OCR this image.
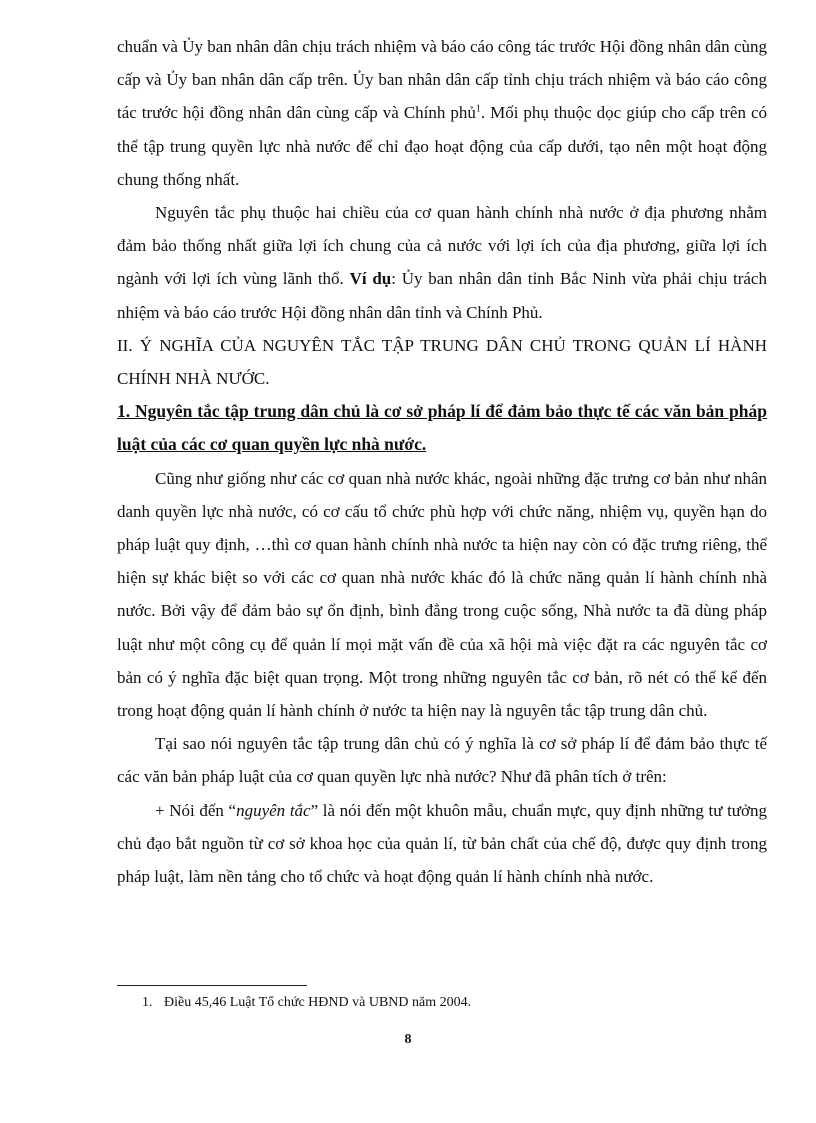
chuẩn và Ủy ban nhân dân chịu trách nhiệm và báo cáo công tác trước Hội đồng nhân dân cùng cấp và Ủy ban nhân dân cấp trên. Ủy ban nhân dân cấp tỉnh chịu trách nhiệm và báo cáo công tác trước hội đồng nhân dân cùng cấp và Chính phủ$^1$. Mối phụ thuộc dọc giúp cho cấp trên có thể tập trung quyền lực nhà nước để chỉ đạo hoạt động của cấp dưới, tạo nên một hoạt động chung thống nhất.

Nguyên tắc phụ thuộc hai chiều của cơ quan hành chính nhà nước ở địa phương nhằm đảm bảo thống nhất giữa lợi ích chung của cả nước với lợi ích của địa phương, giữa lợi ích ngành với lợi ích vùng lãnh thổ. Ví dụ: Ủy ban nhân dân tỉnh Bắc Ninh vừa phải chịu trách nhiệm và báo cáo trước Hội đồng nhân dân tỉnh và Chính Phủ.

II. Ý NGHĨA CỦA NGUYÊN TẮC TẬP TRUNG DÂN CHỦ TRONG QUẢN LÍ HÀNH CHÍNH NHÀ NƯỚC.

1. Nguyên tắc tập trung dân chủ là cơ sở pháp lí để đảm bảo thực tế các văn bản pháp luật của các cơ quan quyền lực nhà nước.

Cũng như giống như các cơ quan nhà nước khác, ngoài những đặc trưng cơ bản như nhân danh quyền lực nhà nước, có cơ cấu tổ chức phù hợp với chức năng, nhiệm vụ, quyền hạn do pháp luật quy định, …thì cơ quan hành chính nhà nước ta hiện nay còn có đặc trưng riêng, thể hiện sự khác biệt so với các cơ quan nhà nước khác đó là chức năng quản lí hành chính nhà nước. Bởi vậy để đảm bảo sự ổn định, bình đẳng trong cuộc sống, Nhà nước ta đã dùng pháp luật như một công cụ để quản lí mọi mặt vấn đề của xã hội mà việc đặt ra các nguyên tắc cơ bản có ý nghĩa đặc biệt quan trọng. Một trong những nguyên tắc cơ bản, rõ nét có thể kể đến trong hoạt động quản lí hành chính ở nước ta hiện nay là nguyên tắc tập trung dân chủ.

Tại sao nói nguyên tắc tập trung dân chủ có ý nghĩa là cơ sở pháp lí để đảm bảo thực tế các văn bản pháp luật của cơ quan quyền lực nhà nước? Như đã phân tích ở trên:

+ Nói đến “nguyên tắc” là nói đến một khuôn mẫu, chuẩn mực, quy định những tư tưởng chủ đạo bắt nguồn từ cơ sở khoa học của quản lí, từ bản chất của chế độ, được quy định trong pháp luật, làm nền tảng cho tổ chức và hoạt động quản lí hành chính nhà nước.

1. Điều 45,46 Luật Tổ chức HĐND và UBND năm 2004.
8
